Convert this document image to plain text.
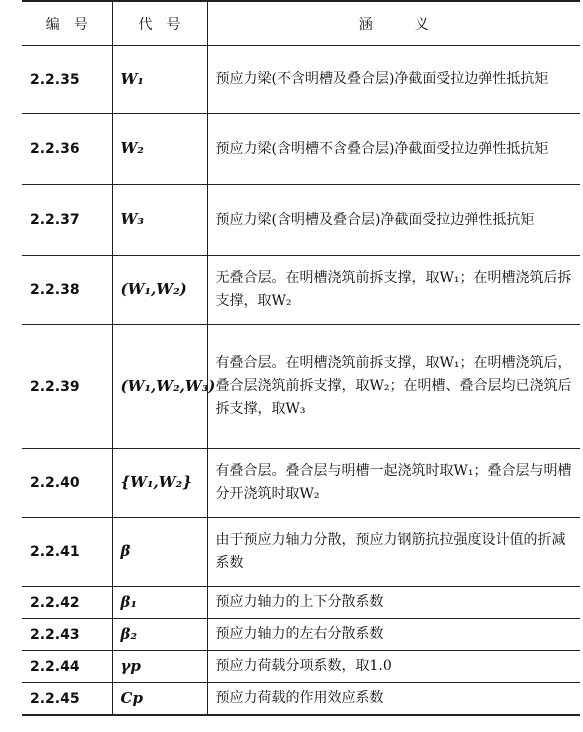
编　号	代　号	涵　　　义
2.2.35	W₁	预应力梁(不含明槽及叠合层)净截面受拉边弹性抵抗矩
2.2.36	W₂	预应力梁(含明槽不含叠合层)净截面受拉边弹性抵抗矩
2.2.37	W₃	预应力梁(含明槽及叠合层)净截面受拉边弹性抵抗矩
2.2.38	(W₁,W₂)	无叠合层。在明槽浇筑前拆支撑，取W₁；在明槽浇筑后拆支撑，取W₂
2.2.39	(W₁,W₂,W₃)	有叠合层。在明槽浇筑前拆支撑，取W₁；在明槽浇筑后，叠合层浇筑前拆支撑，取W₂；在明槽、叠合层均已浇筑后拆支撑，取W₃
2.2.40	{W₁,W₂}	有叠合层。叠合层与明槽一起浇筑时取W₁；叠合层与明槽分开浇筑时取W₂
2.2.41	β	由于预应力轴力分散，预应力钢筋抗拉强度设计值的折减系数
2.2.42	β₁	预应力轴力的上下分散系数
2.2.43	β₂	预应力轴力的左右分散系数
2.2.44	γp	预应力荷载分项系数，取1.0
2.2.45	Cp	预应力荷载的作用效应系数
